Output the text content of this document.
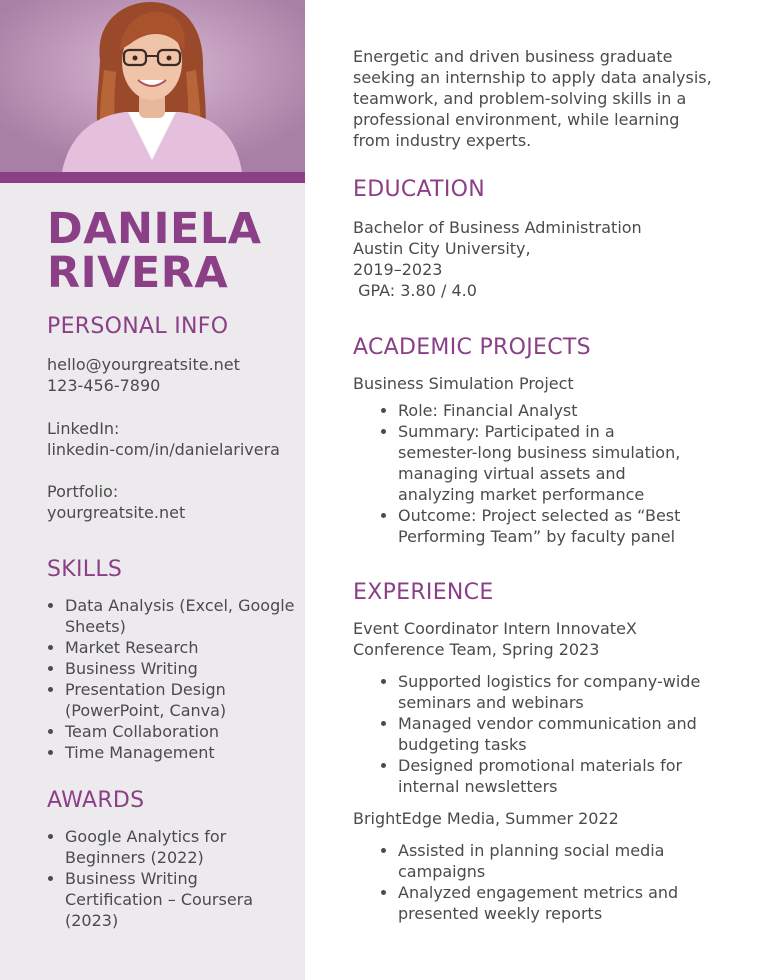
DANIELA
RIVERA
PERSONAL INFO

hello@yourgreatsite.net

123-456-7890

LinkedIn:

linkedin-com/in/danielarivera

Portfolio:

yourgreatsite.net

SKILLS
• Data Analysis (Excel, Google Sheets)
• Market Research
• Business Writing
• Presentation Design (PowerPoint, Canva)
• Team Collaboration
• Time Management
AWARDS
• Google Analytics for Beginners (2022)
• Business Writing Certification – Coursera (2023)

Energetic and driven business graduate seeking an internship to apply data analysis, teamwork, and problem-solving skills in a professional environment, while learning from industry experts.

EDUCATION

Bachelor of Business Administration

Austin City University,

2019–2023

GPA: 3.80 / 4.0

ACADEMIC PROJECTS

Business Simulation Project

• Role: Financial Analyst
• Summary: Participated in a semester-long business simulation, managing virtual assets and analyzing market performance
• Outcome: Project selected as “Best Performing Team” by faculty panel
EXPERIENCE

Event Coordinator Intern InnovateX Conference Team, Spring 2023

• Supported logistics for company-wide seminars and webinars
• Managed vendor communication and budgeting tasks
• Designed promotional materials for internal newsletters

BrightEdge Media, Summer 2022

• Assisted in planning social media campaigns
• Analyzed engagement metrics and presented weekly reports
